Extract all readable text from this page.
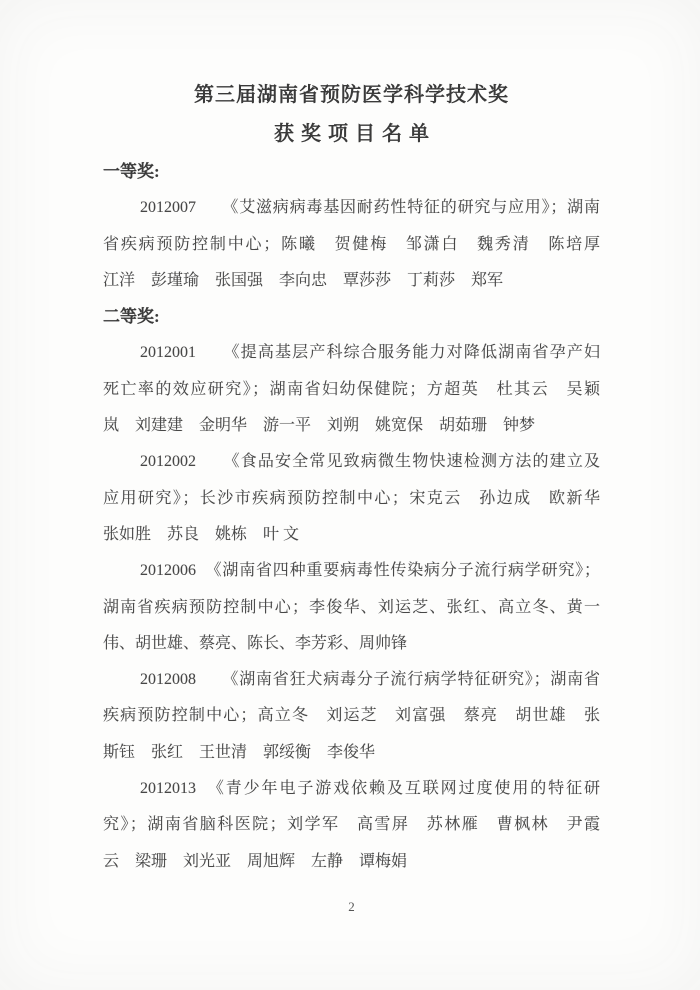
第三届湖南省预防医学科学技术奖
获奖项目名单
一等奖:
2012007　　《艾滋病病毒基因耐药性特征的研究与应用》；湖南
省疾病预防控制中心；陈曦　贺健梅　邹潇白　魏秀清　陈培厚
江洋　彭瑾瑜　张国强　李向忠　覃莎莎　丁莉莎　郑军
二等奖:
2012001　　《提高基层产科综合服务能力对降低湖南省孕产妇
死亡率的效应研究》；湖南省妇幼保健院；方超英　杜其云　吴颖
岚　刘建建　金明华　游一平　刘朔　姚宽保　胡茹珊　钟梦
2012002　　《食品安全常见致病微生物快速检测方法的建立及
应用研究》；长沙市疾病预防控制中心；宋克云　孙边成　欧新华
张如胜　苏良　姚栋　叶 文
2012006　《湖南省四种重要病毒性传染病分子流行病学研究》；
湖南省疾病预防控制中心；李俊华、刘运芝、张红、高立冬、黄一
伟、胡世雄、蔡亮、陈长、李芳彩、周帅锋
2012008　　《湖南省狂犬病毒分子流行病学特征研究》；湖南省
疾病预防控制中心；高立冬　刘运芝　刘富强　蔡亮　胡世雄　张
斯钰　张红　王世清　郭绥衡　李俊华
2012013　《青少年电子游戏依赖及互联网过度使用的特征研
究》；湖南省脑科医院；刘学军　高雪屏　苏林雁　曹枫林　尹霞
云　梁珊　刘光亚　周旭辉　左静　谭梅娟
2
